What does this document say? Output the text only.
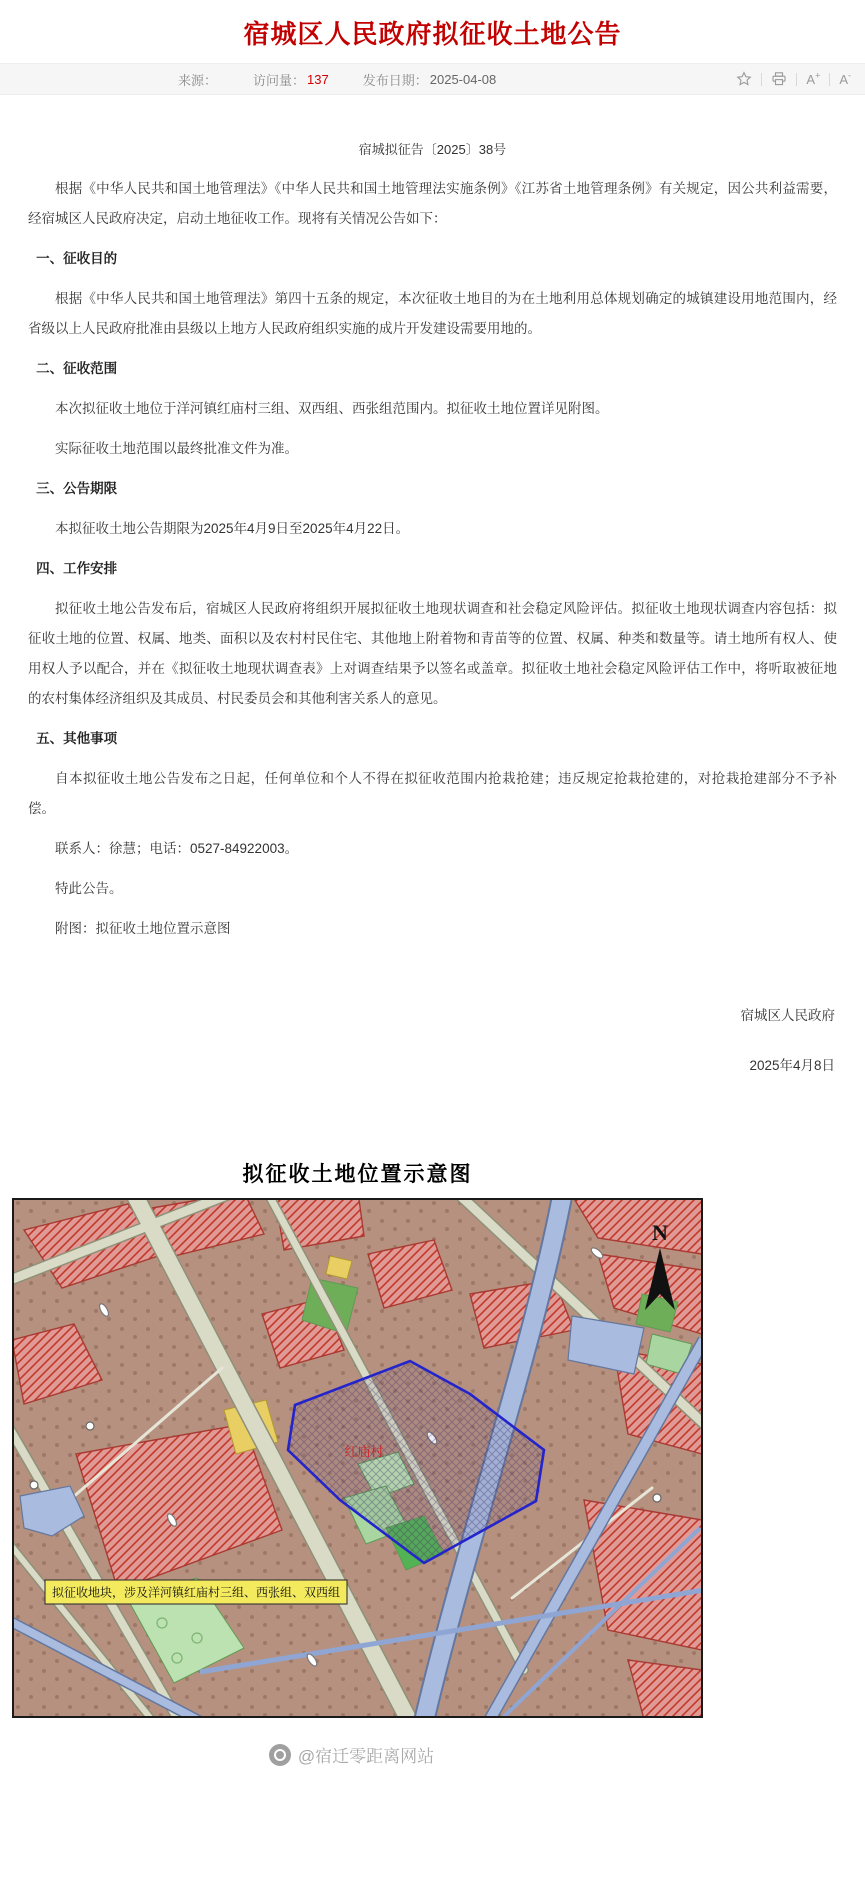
宿城区人民政府拟征收土地公告
来源：	访问量： 137	发布日期： 2025-04-08	A+ A-
宿城拟征告〔2025〕38号

根据《中华人民共和国土地管理法》《中华人民共和国土地管理法实施条例》《江苏省土地管理条例》有关规定，因公共利益需要，经宿城区人民政府决定，启动土地征收工作。现将有关情况公告如下：

一、征收目的

根据《中华人民共和国土地管理法》第四十五条的规定，本次征收土地目的为在土地利用总体规划确定的城镇建设用地范围内，经省级以上人民政府批准由县级以上地方人民政府组织实施的成片开发建设需要用地的。

二、征收范围

本次拟征收土地位于洋河镇红庙村三组、双西组、西张组范围内。拟征收土地位置详见附图。

实际征收土地范围以最终批准文件为准。

三、公告期限

本拟征收土地公告期限为2025年4月9日至2025年4月22日。

四、工作安排

拟征收土地公告发布后，宿城区人民政府将组织开展拟征收土地现状调查和社会稳定风险评估。拟征收土地现状调查内容包括：拟征收土地的位置、权属、地类、面积以及农村村民住宅、其他地上附着物和青苗等的位置、权属、种类和数量等。请土地所有权人、使用权人予以配合，并在《拟征收土地现状调查表》上对调查结果予以签名或盖章。拟征收土地社会稳定风险评估工作中，将听取被征地的农村集体经济组织及其成员、村民委员会和其他利害关系人的意见。

五、其他事项

自本拟征收土地公告发布之日起，任何单位和个人不得在拟征收范围内抢栽抢建；违反规定抢栽抢建的，对抢栽抢建部分不予补偿。

联系人：徐慧；电话：0527-84922003。

特此公告。

附图：拟征收土地位置示意图

宿城区人民政府
2025年4月8日
拟征收土地位置示意图
红庙村
拟征收地块，涉及洋河镇红庙村三组、西张组、双西组
N
@宿迁零距离网站
